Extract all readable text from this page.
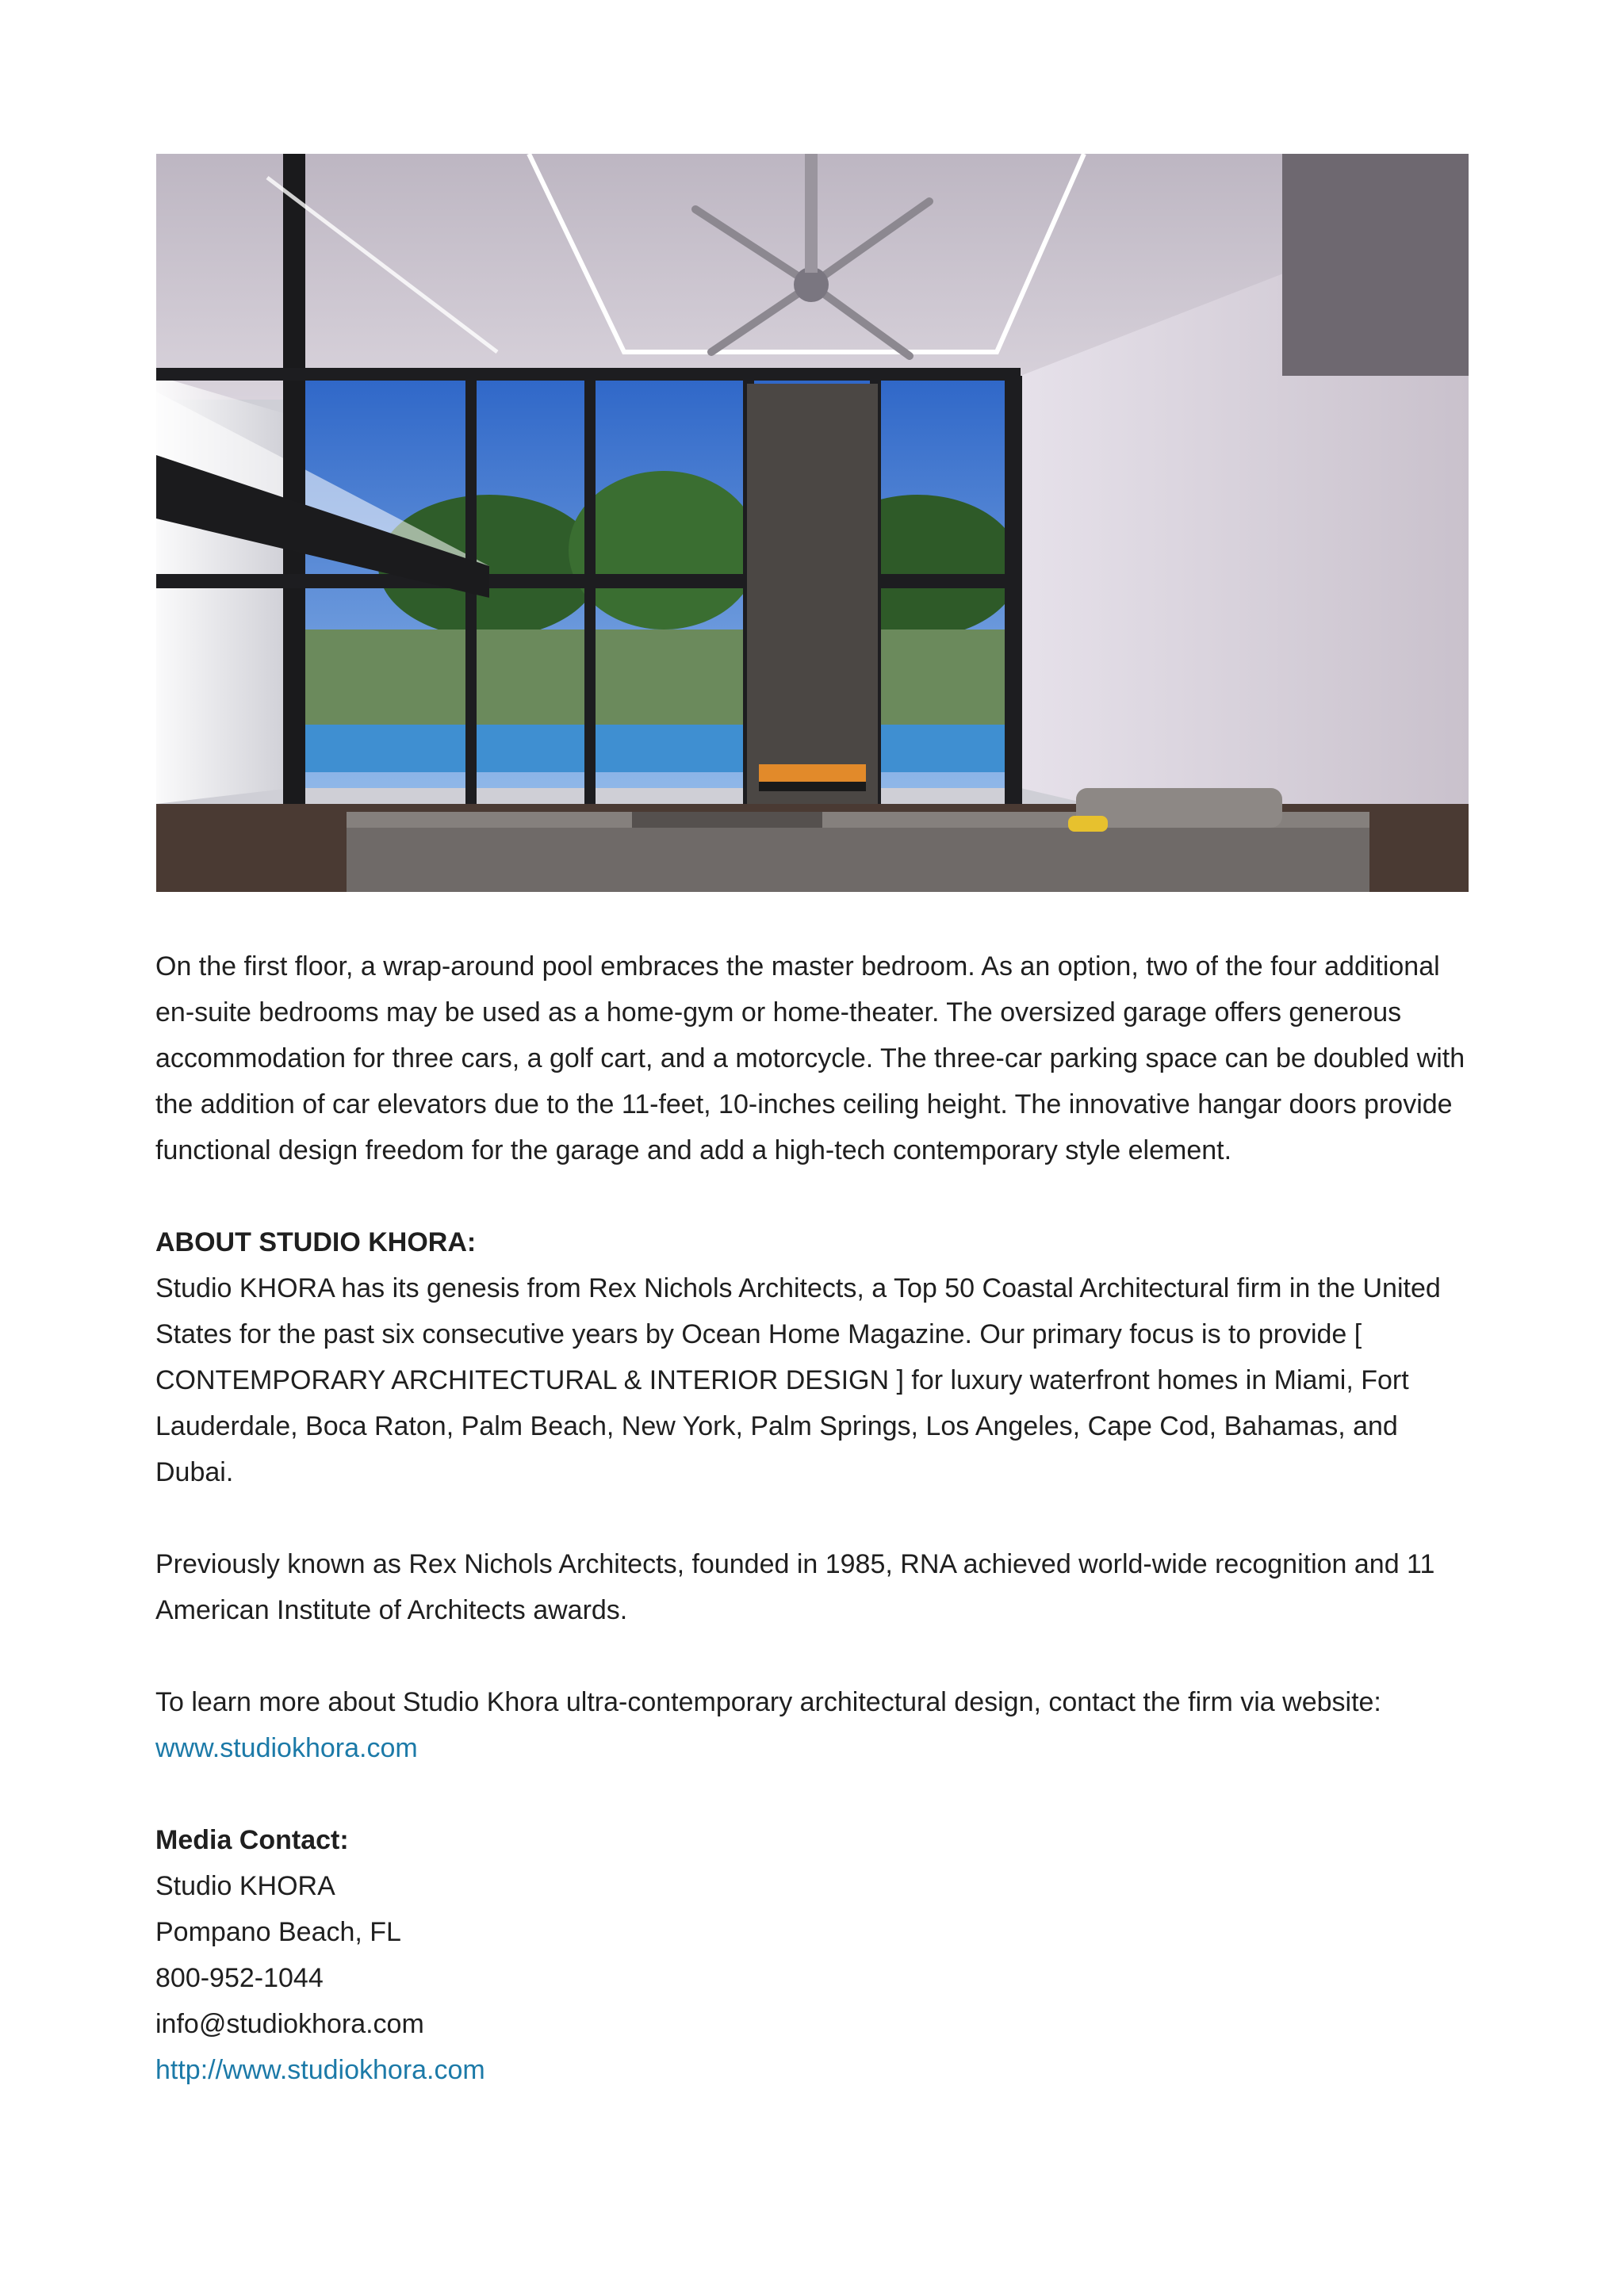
On the first floor, a wrap-around pool embraces the master bedroom. As an option, two of the four additional en-suite bedrooms may be used as a home-gym or home-theater. The oversized garage offers generous accommodation for three cars, a golf cart, and a motorcycle. The three-car parking space can be doubled with the addition of car elevators due to the 11-feet, 10-inches ceiling height. The innovative hangar doors provide functional design freedom for the garage and add a high-tech contemporary style element.

ABOUT STUDIO KHORA:
Studio KHORA has its genesis from Rex Nichols Architects, a Top 50 Coastal Architectural firm in the United States for the past six consecutive years by Ocean Home Magazine. Our primary focus is to provide [ CONTEMPORARY ARCHITECTURAL & INTERIOR DESIGN ] for luxury waterfront homes in Miami, Fort Lauderdale, Boca Raton, Palm Beach, New York, Palm Springs, Los Angeles, Cape Cod, Bahamas, and Dubai.

Previously known as Rex Nichols Architects, founded in 1985, RNA achieved world-wide recognition and 11 American Institute of Architects awards.

To learn more about Studio Khora ultra-contemporary architectural design, contact the firm via website: www.studiokhora.com

Media Contact:
Studio KHORA
Pompano Beach, FL
800-952-1044
info@studiokhora.com
http://www.studiokhora.com
